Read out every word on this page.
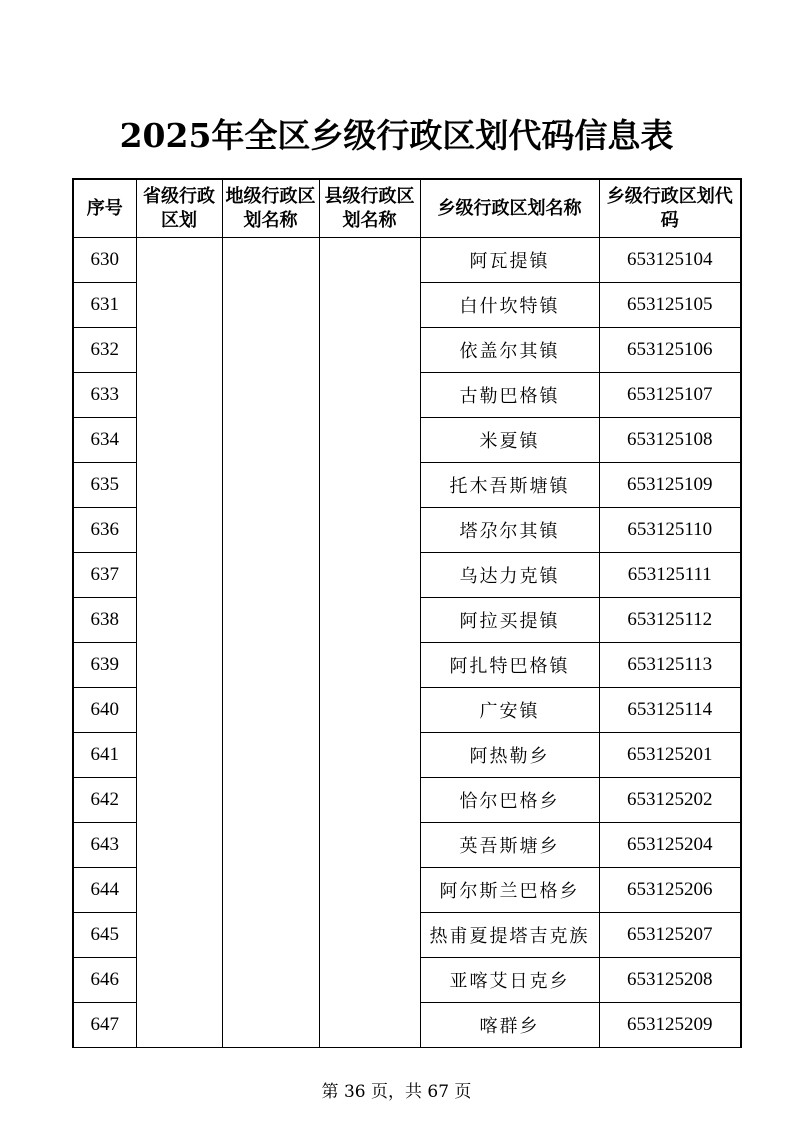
2025年全区乡级行政区划代码信息表
序号	省级行政区划	地级行政区划名称	县级行政区划名称	乡级行政区划名称	乡级行政区划代码
630				阿瓦提镇	653125104
631				白什坎特镇	653125105
632				依盖尔其镇	653125106
633				古勒巴格镇	653125107
634				米夏镇	653125108
635				托木吾斯塘镇	653125109
636				塔尕尔其镇	653125110
637				乌达力克镇	653125111
638				阿拉买提镇	653125112
639				阿扎特巴格镇	653125113
640				广安镇	653125114
641				阿热勒乡	653125201
642				恰尔巴格乡	653125202
643				英吾斯塘乡	653125204
644				阿尔斯兰巴格乡	653125206
645				热甫夏提塔吉克族	653125207
646				亚喀艾日克乡	653125208
647				喀群乡	653125209
第 36 页，共 67 页
